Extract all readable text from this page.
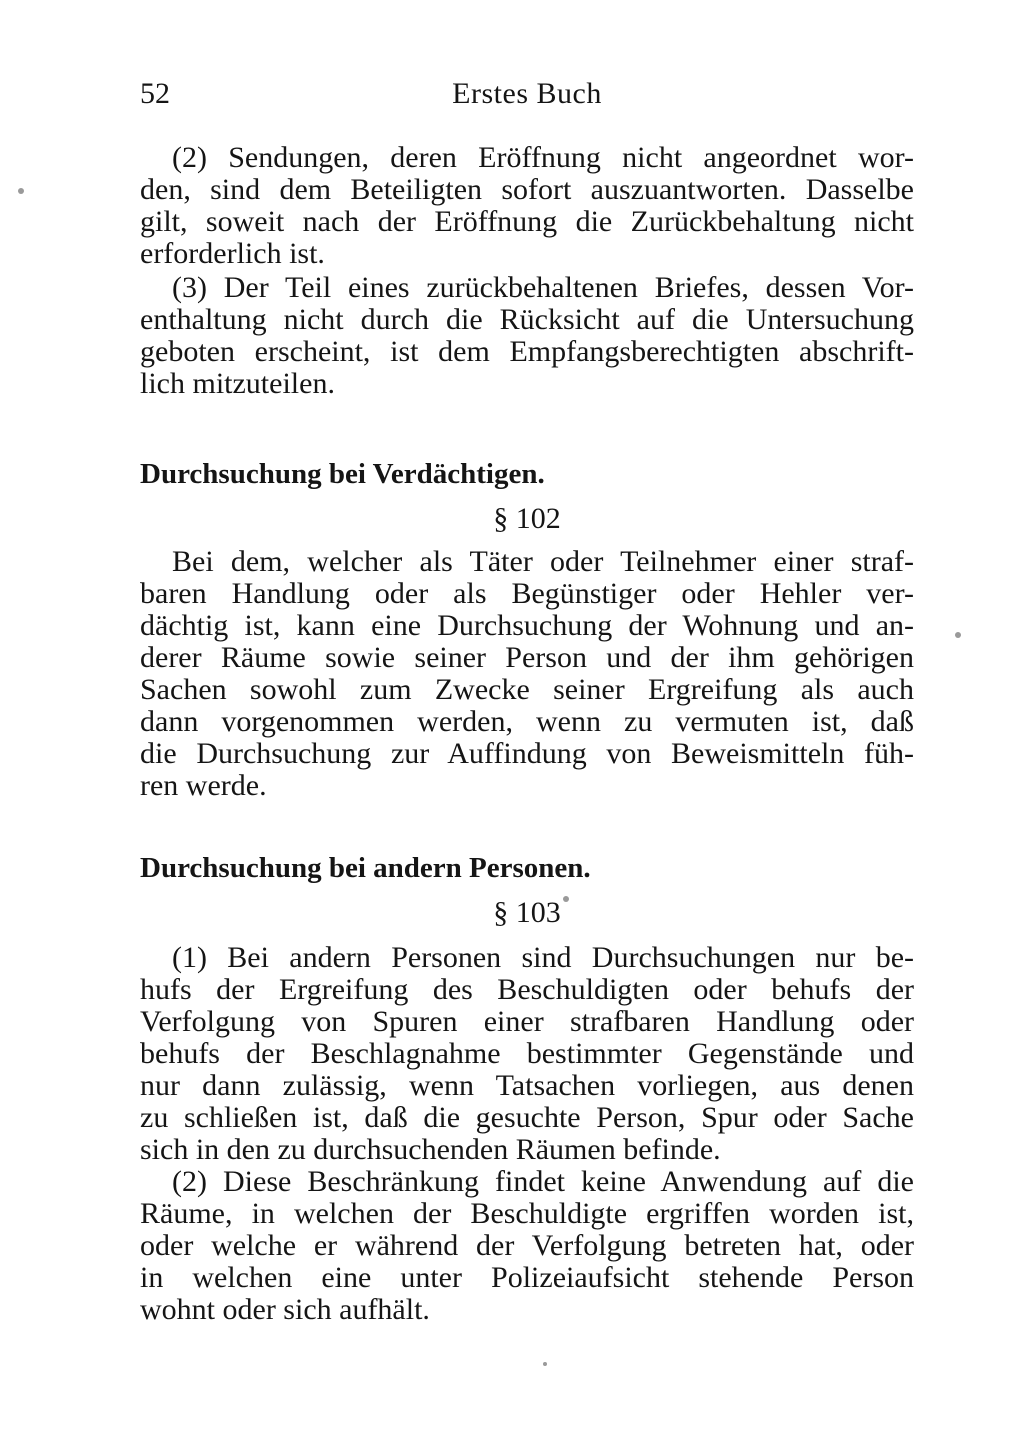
52	Erstes Buch
(2) Sendungen, deren Eröffnung nicht angeordnet wor-
den, sind dem Beteiligten sofort auszuantworten. Dasselbe
gilt, soweit nach der Eröffnung die Zurückbehaltung nicht
erforderlich ist.
(3) Der Teil eines zurückbehaltenen Briefes, dessen Vor-
enthaltung nicht durch die Rücksicht auf die Untersuchung
geboten erscheint, ist dem Empfangsberechtigten abschrift-
lich mitzuteilen.
Durchsuchung bei Verdächtigen.
§ 102
Bei dem, welcher als Täter oder Teilnehmer einer straf-
baren Handlung oder als Begünstiger oder Hehler ver-
dächtig ist, kann eine Durchsuchung der Wohnung und an-
derer Räume sowie seiner Person und der ihm gehörigen
Sachen sowohl zum Zwecke seiner Ergreifung als auch
dann vorgenommen werden, wenn zu vermuten ist, daß
die Durchsuchung zur Auffindung von Beweismitteln füh-
ren werde.
Durchsuchung bei andern Personen.
§ 103
(1) Bei andern Personen sind Durchsuchungen nur be-
hufs der Ergreifung des Beschuldigten oder behufs der
Verfolgung von Spuren einer strafbaren Handlung oder
behufs der Beschlagnahme bestimmter Gegenstände und
nur dann zulässig, wenn Tatsachen vorliegen, aus denen
zu schließen ist, daß die gesuchte Person, Spur oder Sache
sich in den zu durchsuchenden Räumen befinde.
(2) Diese Beschränkung findet keine Anwendung auf die
Räume, in welchen der Beschuldigte ergriffen worden ist,
oder welche er während der Verfolgung betreten hat, oder
in welchen eine unter Polizeiaufsicht stehende Person
wohnt oder sich aufhält.
